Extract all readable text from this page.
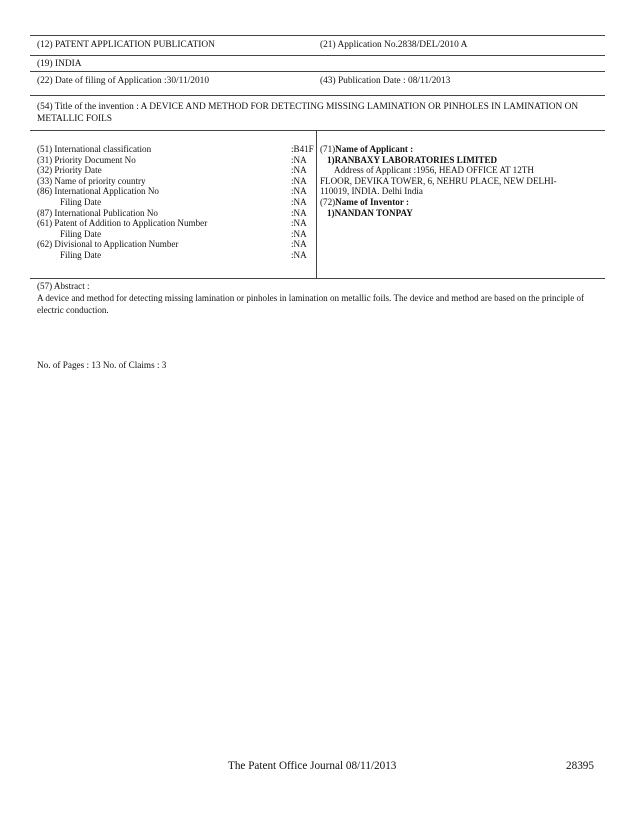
(12) PATENT APPLICATION PUBLICATION	(21) Application No.2838/DEL/2010 A
(19) INDIA
(22) Date of filing of Application :30/11/2010	(43) Publication Date : 08/11/2013
(54) Title of the invention : A DEVICE AND METHOD FOR DETECTING MISSING LAMINATION OR PINHOLES IN LAMINATION ON METALLIC FOILS
(51) International classification	:B41F
(31) Priority Document No	:NA
(32) Priority Date	:NA
(33) Name of priority country	:NA
(86) International Application No	:NA
Filing Date	:NA
(87) International Publication No	:NA
(61) Patent of Addition to Application Number	:NA
Filing Date	:NA
(62) Divisional to Application Number	:NA
Filing Date	:NA
(71)Name of Applicant :
1)RANBAXY LABORATORIES LIMITED
Address of Applicant :1956, HEAD OFFICE AT 12TH
FLOOR, DEVIKA TOWER, 6, NEHRU PLACE, NEW DELHI-
110019, INDIA. Delhi India
(72)Name of Inventor :
1)NANDAN TONPAY
(57) Abstract :
A device and method for detecting missing lamination or pinholes in lamination on metallic foils. The device and method are based on the principle of electric conduction.
No. of Pages : 13 No. of Claims : 3
The Patent Office Journal 08/11/2013	28395
